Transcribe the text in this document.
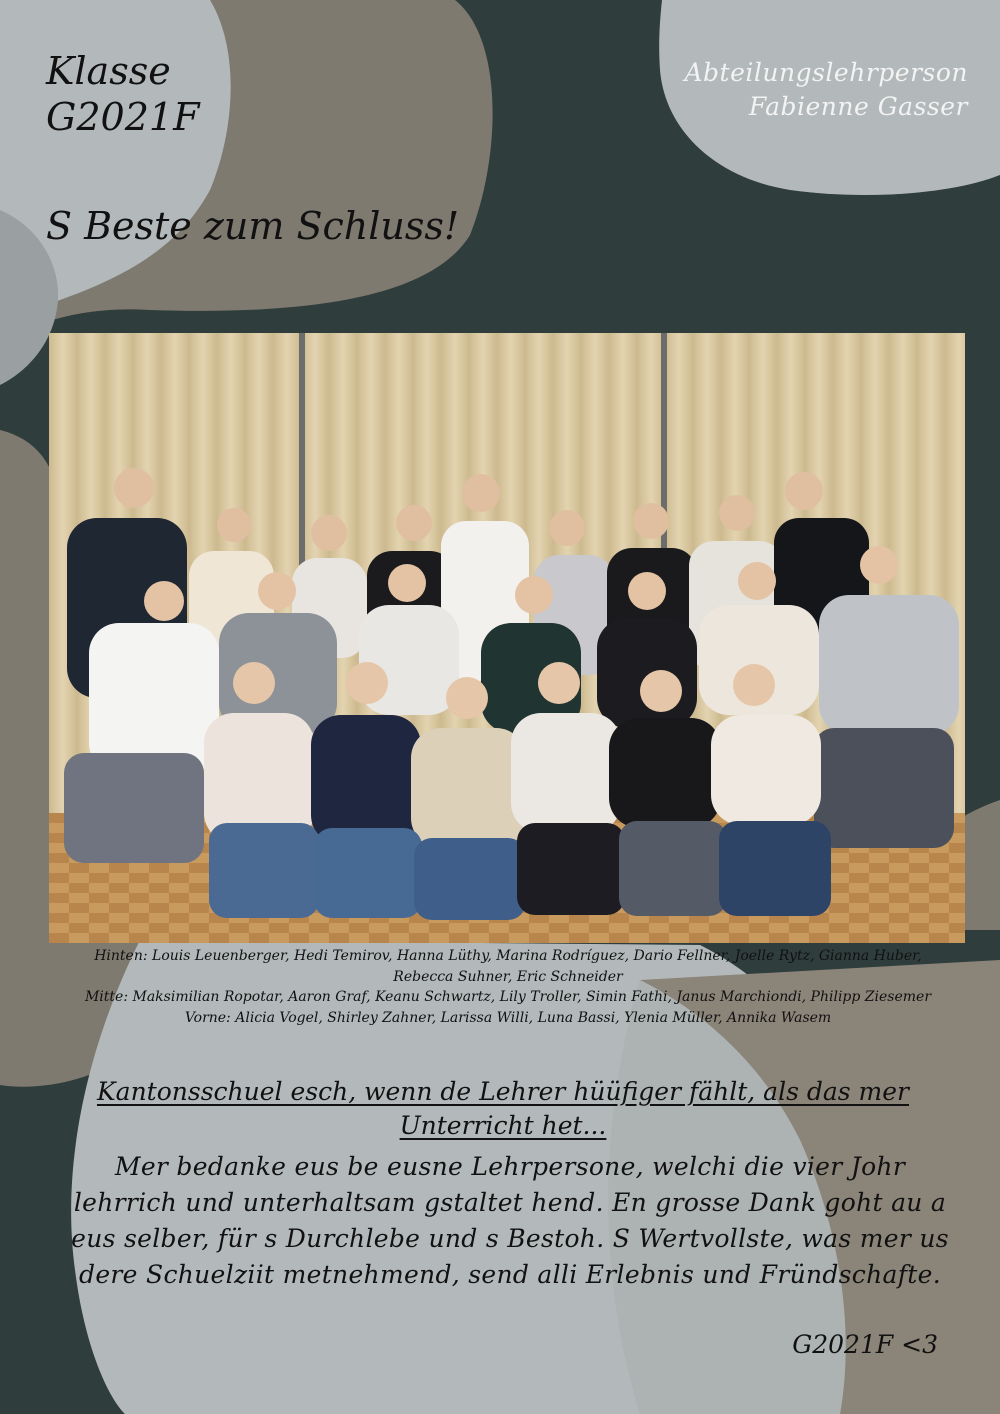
Klasse
G2021F
S Beste zum Schluss!
Abteilungslehrperson
Fabienne Gasser
Hinten: Louis Leuenberger, Hedi Temirov, Hanna Lüthy, Marina Rodríguez, Dario Fellner, Joelle Rytz, Gianna Huber,
Rebecca Suhner, Eric Schneider
Mitte: Maksimilian Ropotar, Aaron Graf, Keanu Schwartz, Lily Troller, Simin Fathi, Janus Marchiondi, Philipp Ziesemer
Vorne: Alicia Vogel, Shirley Zahner, Larissa Willi, Luna Bassi, Ylenia Müller, Annika Wasem
Kantonsschuel esch, wenn de Lehrer hüüfiger fählt, als das mer Unterricht het...
Mer bedanke eus be eusne Lehrpersone, welchi die vier Johr lehrrich und unterhaltsam gstaltet hend. En grosse Dank goht au a eus selber, für s Durchlebe und s Bestoh. S Wertvollste, was mer us dere Schuelziit metnehmend, send alli Erlebnis und Fründschafte.
G2021F <3
